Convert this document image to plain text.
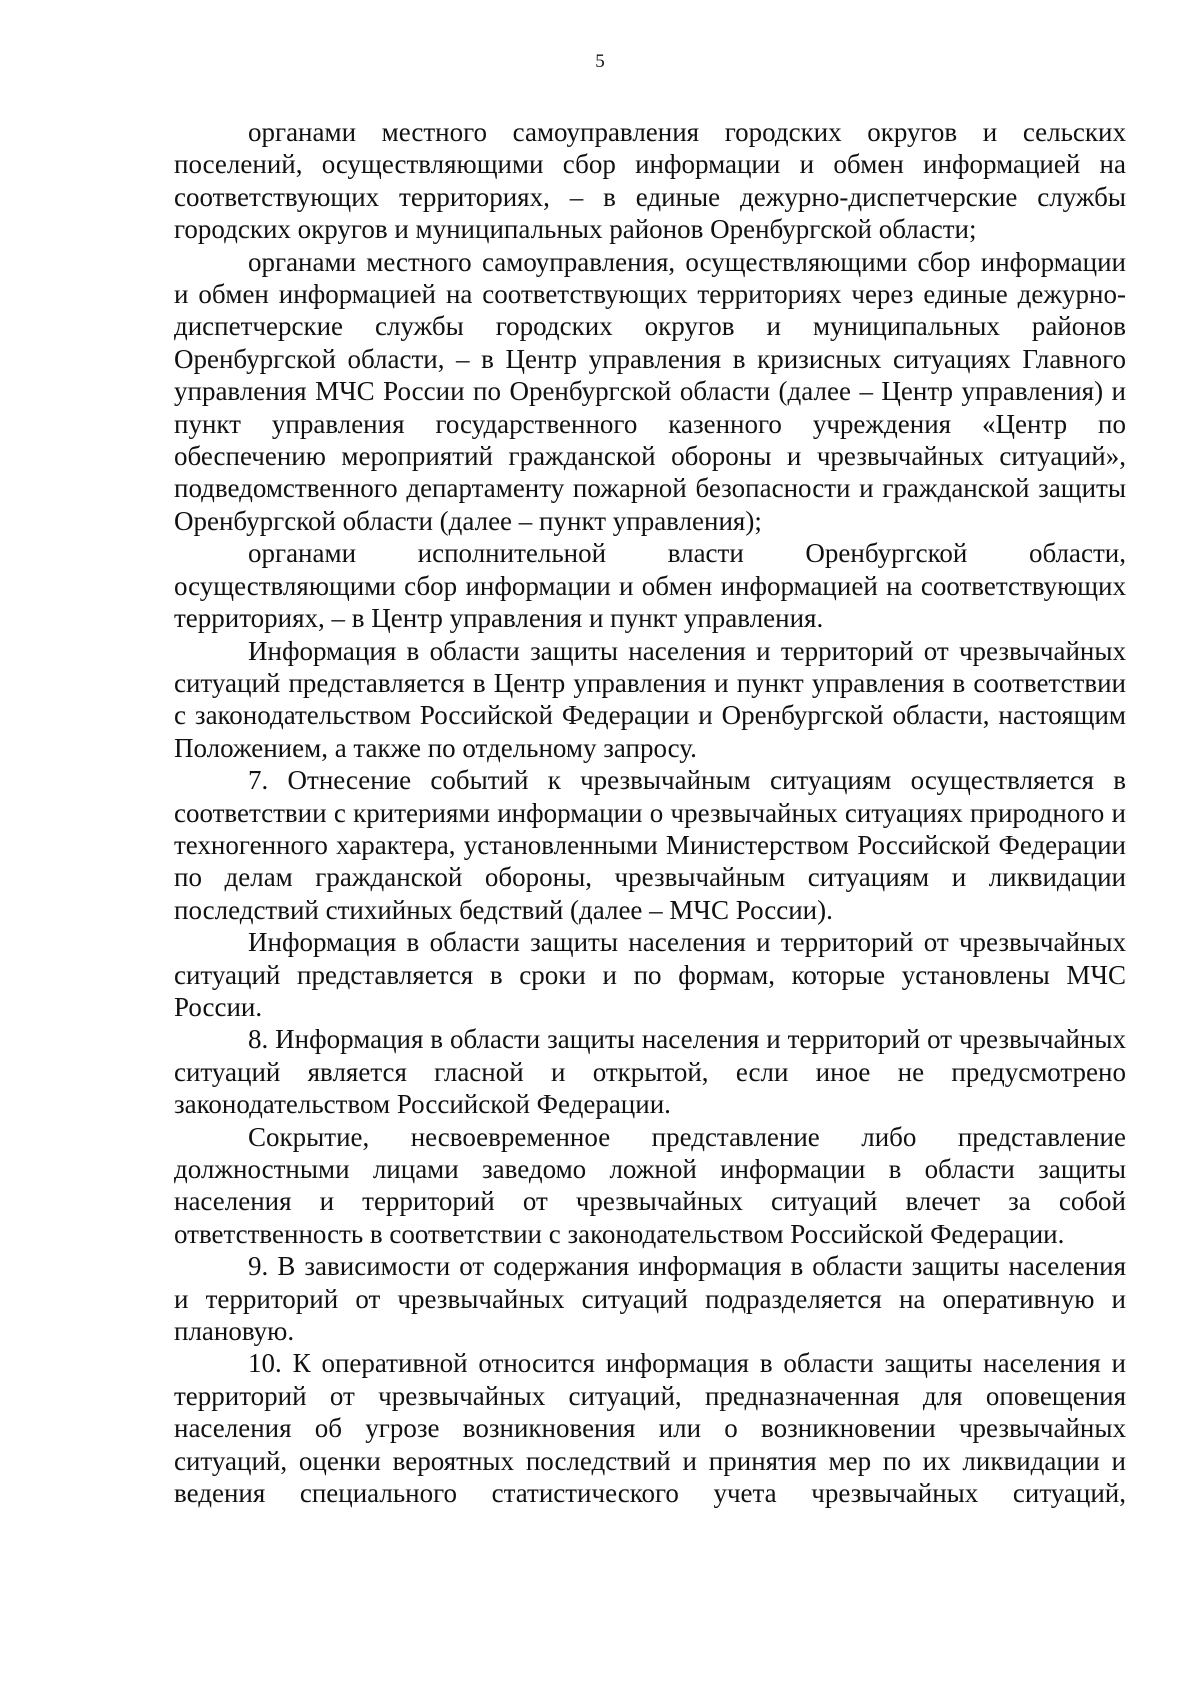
5

органами местного самоуправления городских округов и сельских поселений, осуществляющими сбор информации и обмен информацией на соответствующих территориях, – в единые дежурно-диспетчерские службы городских округов и муниципальных районов Оренбургской области;

органами местного самоуправления, осуществляющими сбор информации и обмен информацией на соответствующих территориях через единые дежурно-диспетчерские службы городских округов и муниципальных районов Оренбургской области, – в Центр управления в кризисных ситуациях Главного управления МЧС России по Оренбургской области (далее – Центр управления) и пункт управления государственного казенного учреждения «Центр по обеспечению мероприятий гражданской обороны и чрезвычайных ситуаций», подведомственного департаменту пожарной безопасности и гражданской защиты Оренбургской области (далее – пункт управления);

органами исполнительной власти Оренбургской области, осуществляющими сбор информации и обмен информацией на соответствующих территориях, – в Центр управления и пункт управления.

Информация в области защиты населения и территорий от чрезвычайных ситуаций представляется в Центр управления и пункт управления в соответствии с законодательством Российской Федерации и Оренбургской области, настоящим Положением, а также по отдельному запросу.

7. Отнесение событий к чрезвычайным ситуациям осуществляется в соответствии с критериями информации о чрезвычайных ситуациях природного и техногенного характера, установленными Министерством Российской Федерации по делам гражданской обороны, чрезвычайным ситуациям и ликвидации последствий стихийных бедствий (далее – МЧС России).

Информация в области защиты населения и территорий от чрезвычайных ситуаций представляется в сроки и по формам, которые установлены МЧС России.

8. Информация в области защиты населения и территорий от чрезвычайных ситуаций является гласной и открытой, если иное не предусмотрено законодательством Российской Федерации.

Сокрытие, несвоевременное представление либо представление должностными лицами заведомо ложной информации в области защиты населения и территорий от чрезвычайных ситуаций влечет за собой ответственность в соответствии с законодательством Российской Федерации.

9. В зависимости от содержания информация в области защиты населения и территорий от чрезвычайных ситуаций подразделяется на оперативную и плановую.

10. К оперативной относится информация в области защиты населения и территорий от чрезвычайных ситуаций, предназначенная для оповещения населения об угрозе возникновения или о возникновении чрезвычайных ситуаций, оценки вероятных последствий и принятия мер по их ликвидации и ведения специального статистического учета чрезвычайных ситуаций,
